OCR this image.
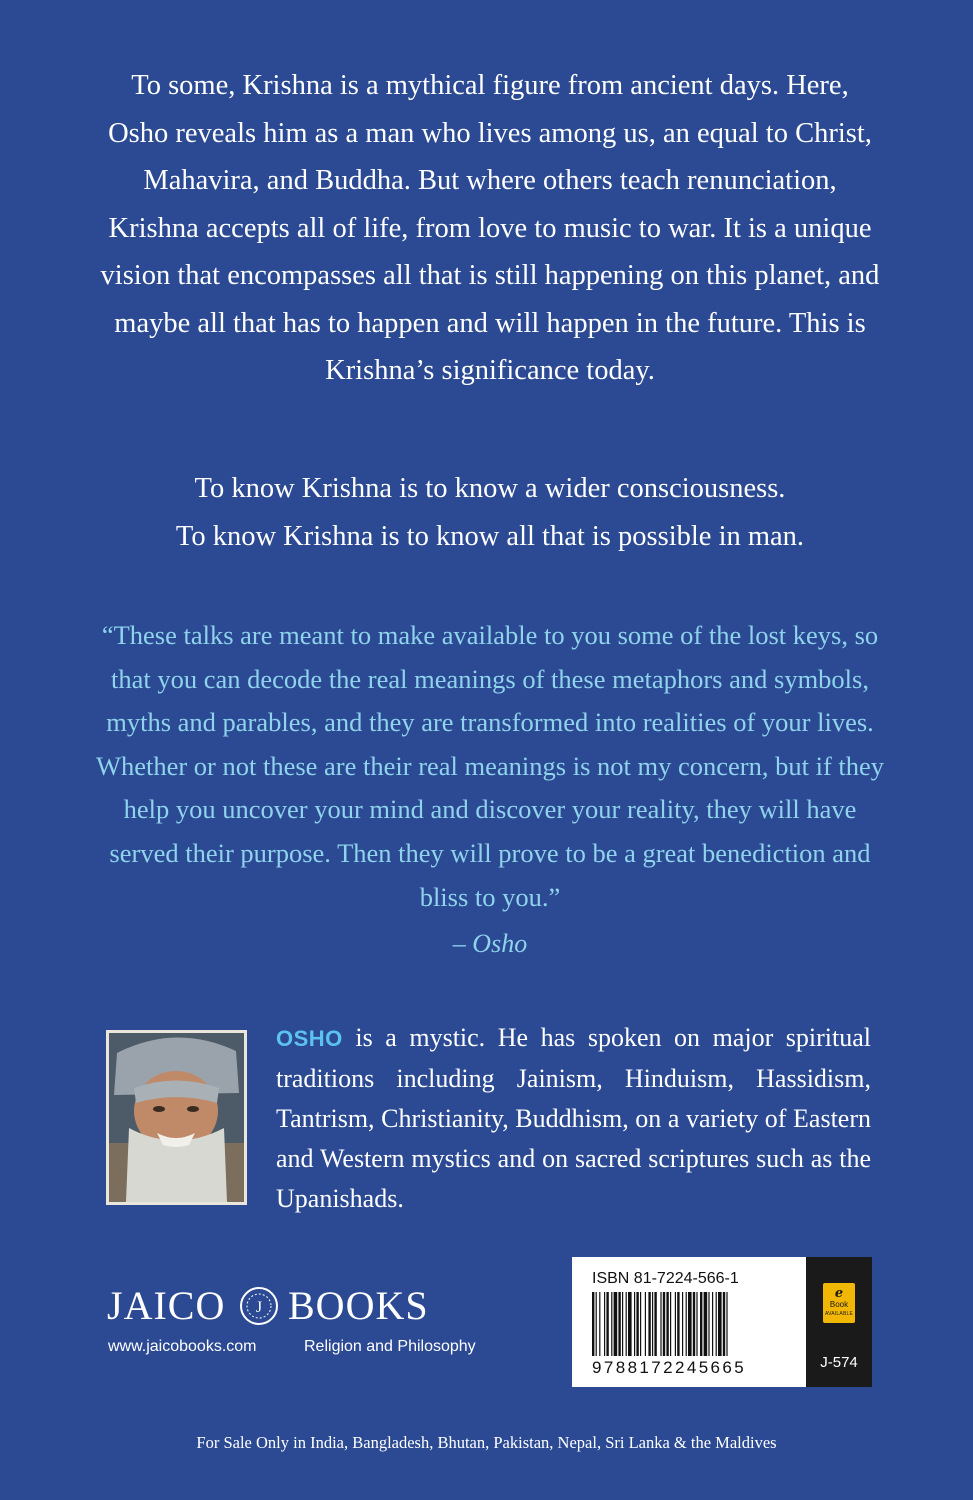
To some, Krishna is a mythical figure from ancient days. Here, Osho reveals him as a man who lives among us, an equal to Christ, Mahavira, and Buddha. But where others teach renunciation, Krishna accepts all of life, from love to music to war. It is a unique vision that encompasses all that is still happening on this planet, and maybe all that has to happen and will happen in the future. This is Krishna’s significance today.

To know Krishna is to know a wider consciousness.
To know Krishna is to know all that is possible in man.

“These talks are meant to make available to you some of the lost keys, so that you can decode the real meanings of these metaphors and symbols, myths and parables, and they are transformed into realities of your lives. Whether or not these are their real meanings is not my concern, but if they help you uncover your mind and discover your reality, they will have served their purpose. Then they will prove to be a great benediction and bliss to you.”

– Osho

OSHO is a mystic. He has spoken on major spiritual traditions including Jainism, Hinduism, Hassidism, Tantrism, Christianity, Buddhism, on a variety of Eastern and Western mystics and on sacred scriptures such as the Upanishads.

JAICO J BOOKS
www.jaicobooks.com	Religion and Philosophy
ISBN 81-7224-566-1
9788172245665
e
Book
AVAILABLE
J-574
For Sale Only in India, Bangladesh, Bhutan, Pakistan, Nepal, Sri Lanka & the Maldives
